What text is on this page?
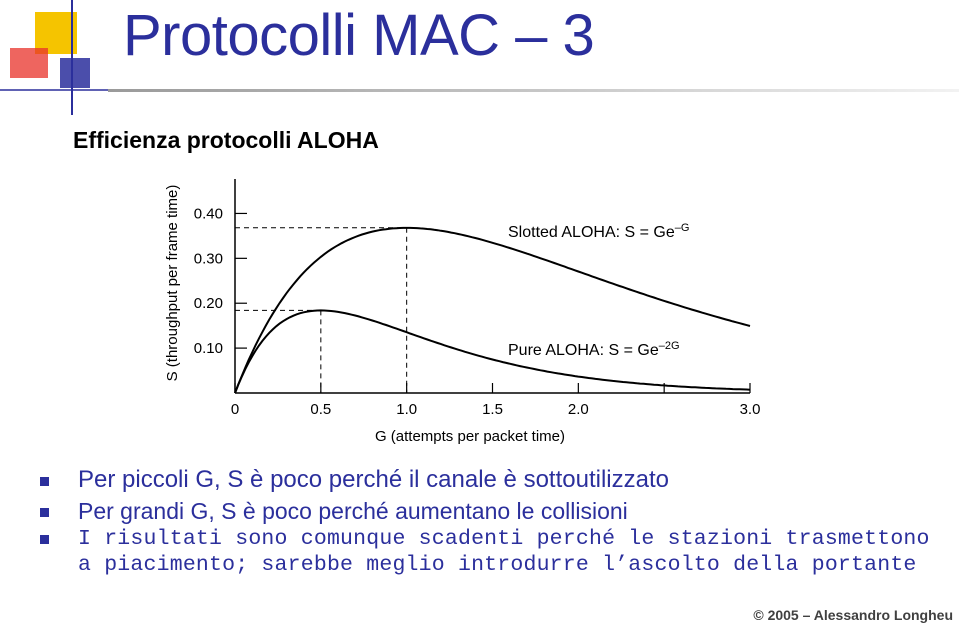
Protocolli MAC – 3
Efficienza protocolli ALOHA
0.10
0.20
0.30
0.40
0	0.5	1.0	1.5	2.0	3.0
Slotted ALOHA: $S = Ge^{-G}$
Pure ALOHA: $S = Ge^{-2G}$
G (attempts per packet time)
S (throughput per frame time)
Per piccoli G, S è poco perché il canale è sottoutilizzato
Per grandi G, S è poco perché aumentano le collisioni
I risultati sono comunque scadenti perché le stazioni trasmettono a piacimento; sarebbe meglio introdurre l’ascolto della portante
© 2005 – Alessandro Longheu
